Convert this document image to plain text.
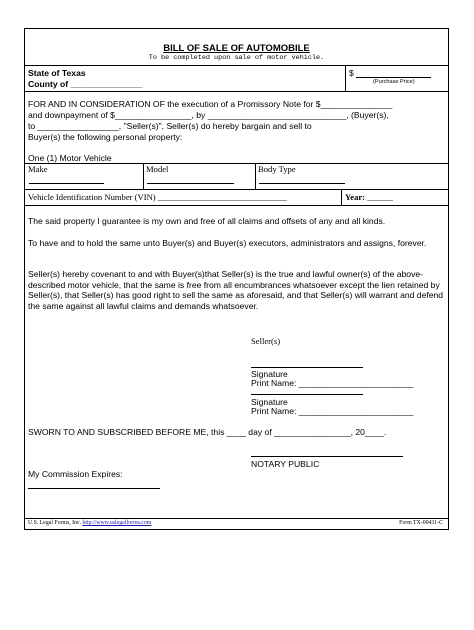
BILL OF SALE OF AUTOMOBILE
To be completed upon sale of motor vehicle.
State of Texas
County of _______________
$
(Purchase Price)
FOR AND IN CONSIDERATION OF the execution of a Promissory Note for $_______________
and downpayment of $________________, by _____________________________, (Buyer(s),
to _________________, "Seller(s)", Seller(s) do hereby bargain and sell to
Buyer(s) the following personal property:
One (1) Motor Vehicle
Make	Model	Body Type
Vehicle Identification Number (VIN) ______________________________	Year: ______
The said property I guarantee is my own and free of all claims and offsets of any and all kinds.
To have and to hold the same unto Buyer(s) and Buyer(s) executors, administrators and assigns, forever.
Seller(s) hereby covenant to and with Buyer(s)that Seller(s) is the true and lawful owner(s) of the above-described motor vehicle, that the same is free from all encumbrances whatsoever except the lien retained by Seller(s), that Seller(s) has good right to sell the same as aforesaid, and that Seller(s) will warrant and defend the same against all lawful claims and demands whatsoever.
Seller(s)
Signature
Print Name: ________________________
Signature
Print Name: ________________________
SWORN TO AND SUBSCRIBED BEFORE ME, this ____ day of ________________, 20____.
NOTARY PUBLIC
My Commission Expires:
U.S. Legal Forms, Inc. http://www.uslegalforms.com	Form TX-00431-C
